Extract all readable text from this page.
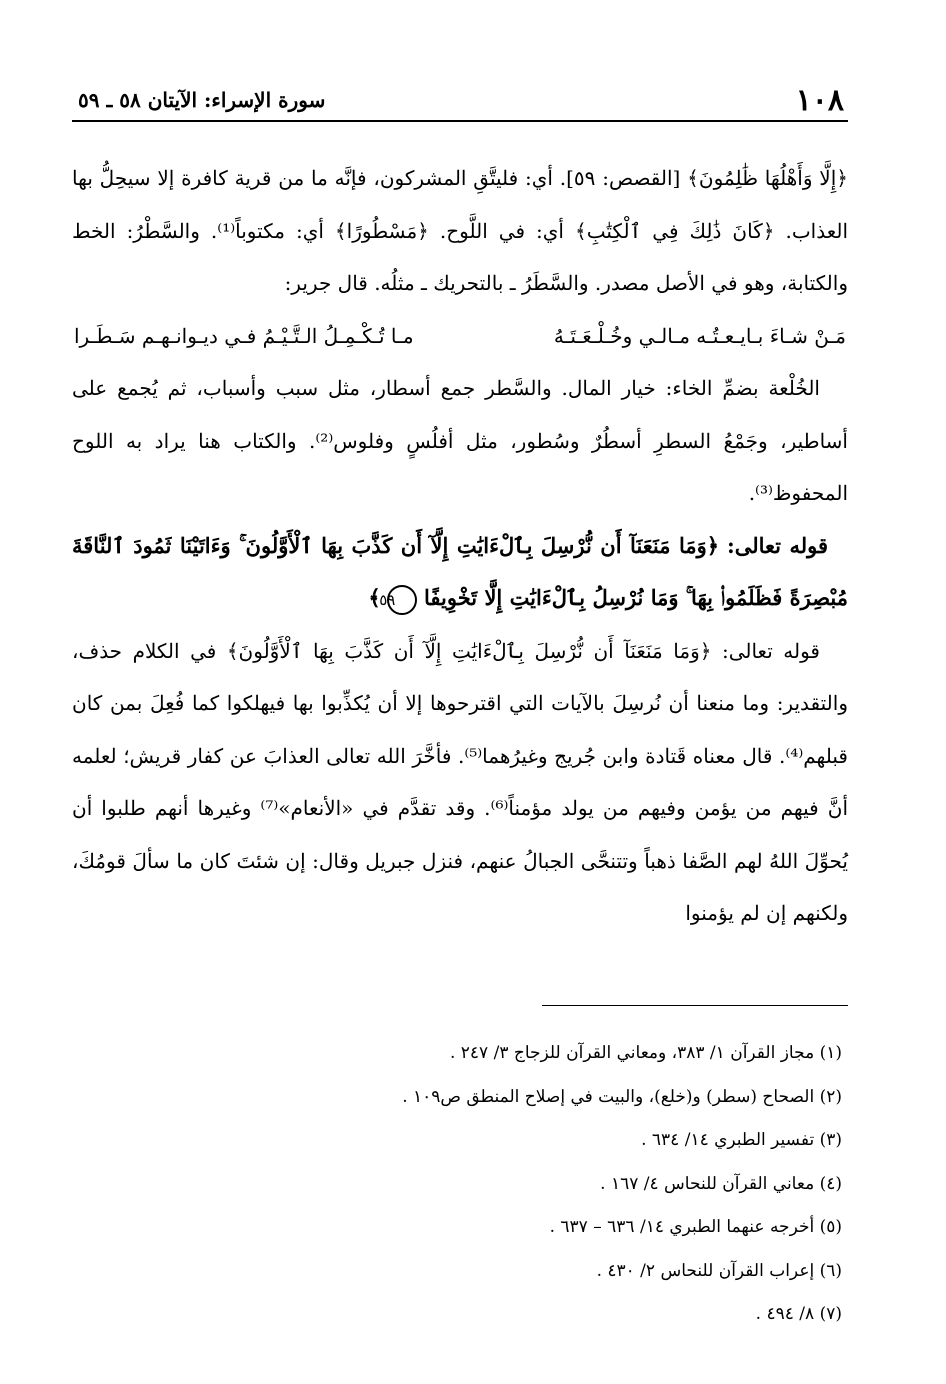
١٠٨
سورة الإسراء: الآيتان ٥٨ ـ ٥٩

﴿إِلَّا وَأَهْلُهَا ظَٰلِمُونَ﴾ [القصص: ٥٩]. أي: فليتَّقِ المشركون، فإنَّه ما من قرية كافرة إلا سيحِلُّ بها العذاب. ﴿كَانَ ذَٰلِكَ فِي ٱلْكِتَٰبِ﴾ أي: في اللَّوح. ﴿مَسْطُورًا﴾ أي: مكتوباً⁽¹⁾. والسَّطْرُ: الخط والكتابة، وهو في الأصل مصدر. والسَّطَرُ ـ بالتحريك ـ مثلُه. قال جرير:

مَـنْ شـاءَ بـايـعـتُـه مـالـي وخُـلْـعَـتَـهُ
مـا تُـكْـمِـلُ الـتَّـيْـمُ فـي ديـوانـهـم سَـطَـرا

الخُلْعة بضمِّ الخاء: خيار المال. والسَّطر جمع أسطار، مثل سبب وأسباب، ثم يُجمع على أساطير، وجَمْعُ السطرِ أسطُرٌ وسُطور، مثل أفلُسٍ وفلوس⁽²⁾. والكتاب هنا يراد به اللوح المحفوظ⁽³⁾.

قوله تعالى: ﴿وَمَا مَنَعَنَآ أَن نُّرْسِلَ بِٱلْءَايَٰتِ إِلَّآ أَن كَذَّبَ بِهَا ٱلْأَوَّلُونَ ۚ وَءَاتَيْنَا ثَمُودَ ٱلنَّاقَةَ مُبْصِرَةً فَظَلَمُوا۟ بِهَا ۚ وَمَا نُرْسِلُ بِٱلْءَايَٰتِ إِلَّا تَخْوِيفًا ٥٩ ﴾

قوله تعالى: ﴿وَمَا مَنَعَنَآ أَن نُّرْسِلَ بِٱلْءَايَٰتِ إِلَّآ أَن كَذَّبَ بِهَا ٱلْأَوَّلُونَ﴾ في الكلام حذف، والتقدير: وما منعنا أن نُرسِلَ بالآيات التي اقترحوها إلا أن يُكذِّبوا بها فيهلكوا كما فُعِلَ بمن كان قبلهم⁽⁴⁾. قال معناه قَتادة وابن جُريج وغيرُهما⁽⁵⁾. فأخَّرَ الله تعالى العذابَ عن كفار قريش؛ لعلمه أنَّ فيهم من يؤمن وفيهم من يولد مؤمناً⁽⁶⁾. وقد تقدَّم في «الأنعام»⁽⁷⁾ وغيرها أنهم طلبوا أن يُحوِّلَ اللهُ لهم الصَّفا ذهباً وتتنحَّى الجبالُ عنهم، فنزل جبريل وقال: إن شئتَ كان ما سألَ قومُكَ، ولكنهم إن لم يؤمنوا

(١) مجاز القرآن ١/ ٣٨٣، ومعاني القرآن للزجاج ٣/ ٢٤٧ .
(٢) الصحاح (سطر) و(خلع)، والبيت في إصلاح المنطق ص١٠٩ .
(٣) تفسير الطبري ١٤/ ٦٣٤ .
(٤) معاني القرآن للنحاس ٤/ ١٦٧ .
(٥) أخرجه عنهما الطبري ١٤/ ٦٣٦ – ٦٣٧ .
(٦) إعراب القرآن للنحاس ٢/ ٤٣٠ .
(٧) ٨/ ٤٩٤ .
